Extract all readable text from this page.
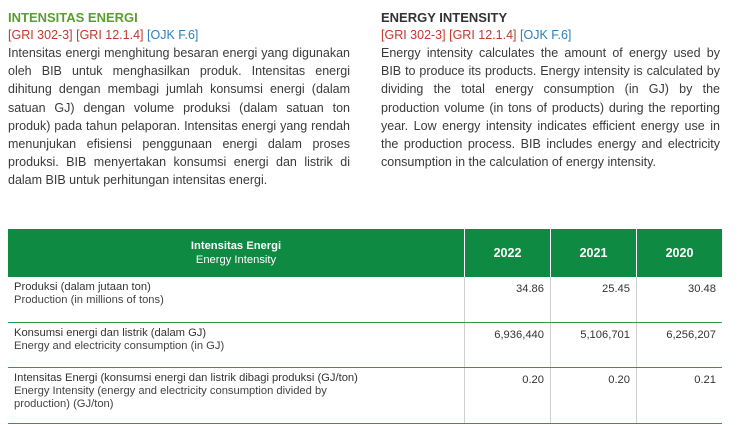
INTENSITAS ENERGI
[GRI 302-3] [GRI 12.1.4] [OJK F.6]

Intensitas energi menghitung besaran energi yang digunakan oleh BIB untuk menghasilkan produk. Intensitas energi dihitung dengan membagi jumlah konsumsi energi (dalam satuan GJ) dengan volume produksi (dalam satuan ton produk) pada tahun pelaporan. Intensitas energi yang rendah menunjukan efisiensi penggunaan energi dalam proses produksi. BIB menyertakan konsumsi energi dan listrik di dalam BIB untuk perhitungan intensitas energi.

ENERGY INTENSITY
[GRI 302-3] [GRI 12.1.4] [OJK F.6]

Energy intensity calculates the amount of energy used by BIB to produce its products. Energy intensity is calculated by dividing the total energy consumption (in GJ) by the production volume (in tons of products) during the reporting year. Low energy intensity indicates efficient energy use in the production process. BIB includes energy and electricity consumption in the calculation of energy intensity.

Intensitas Energi
Energy Intensity	2022	2021	2020

Produksi (dalam jutaan ton)
Production (in millions of tons)	34.86	25.45	30.48

Konsumsi energi dan listrik (dalam GJ)
Energy and electricity consumption (in GJ)	6,936,440	5,106,701	6,256,207

Intensitas Energi (konsumsi energi dan listrik dibagi produksi (GJ/ton)
Energy Intensity (energy and electricity consumption divided by production) (GJ/ton)	0.20	0.20	0.21
